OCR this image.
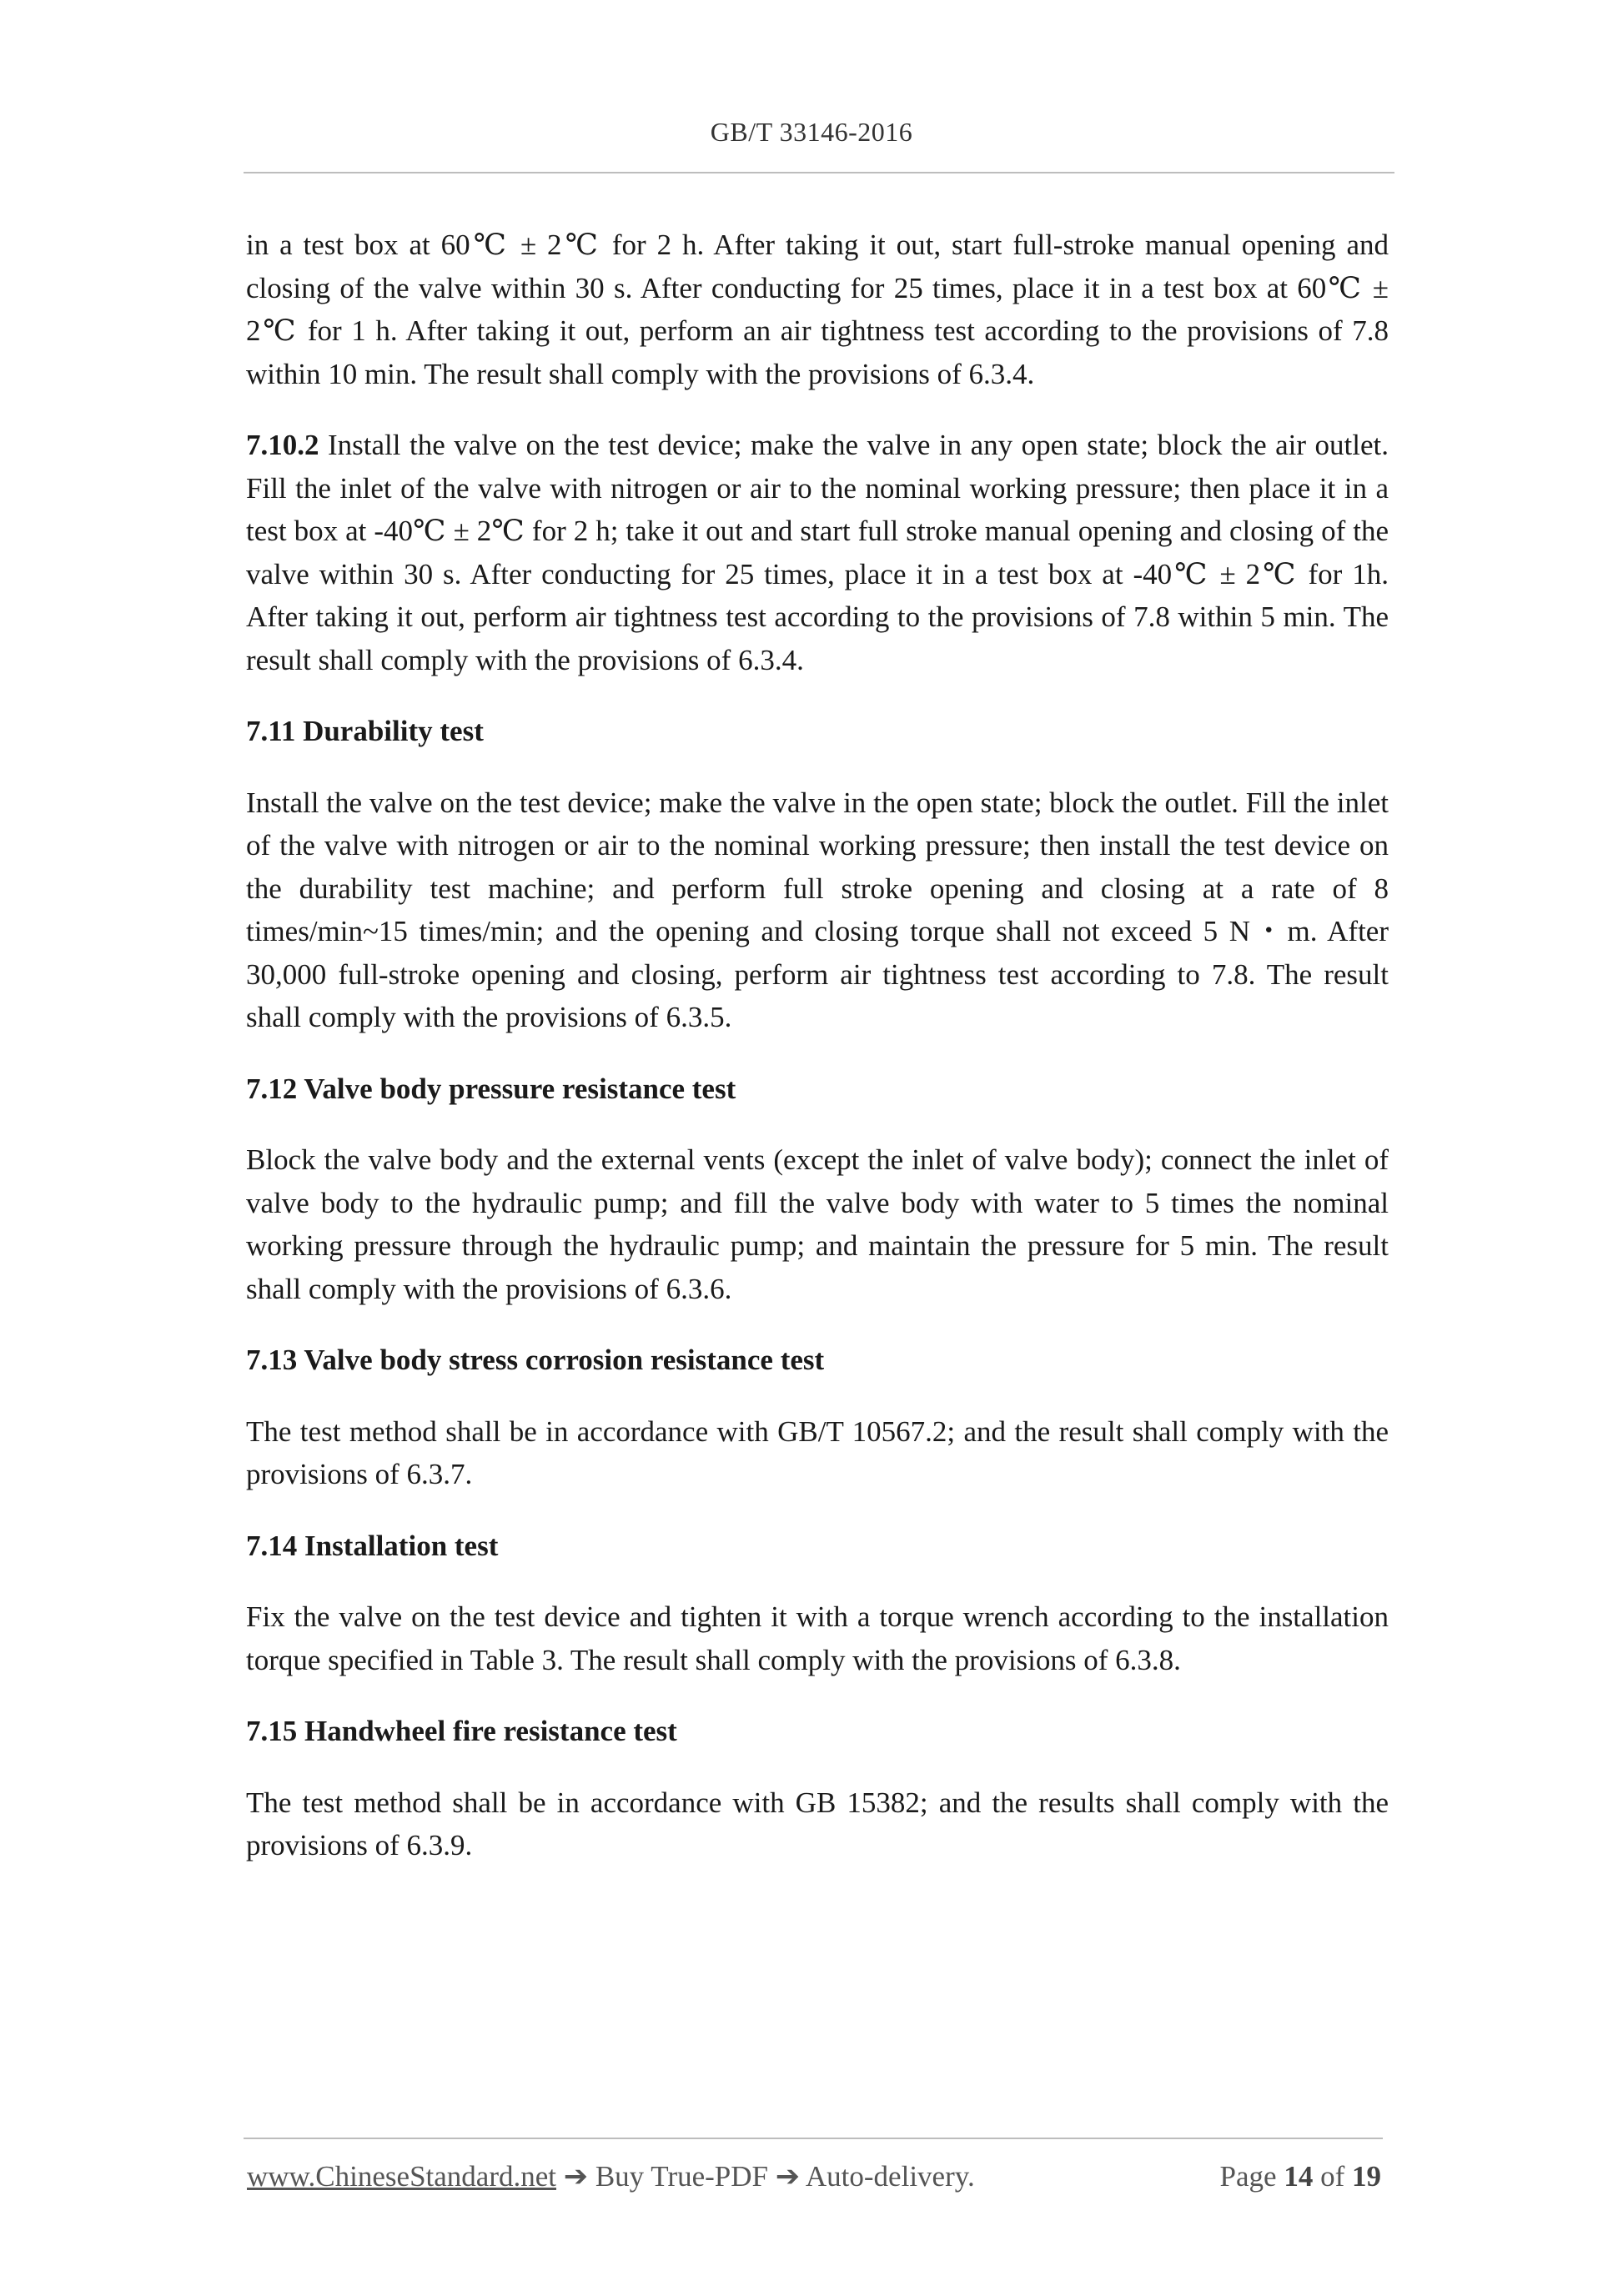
GB/T 33146-2016

in a test box at 60℃ ± 2℃ for 2 h. After taking it out, start full-stroke manual opening and closing of the valve within 30 s. After conducting for 25 times, place it in a test box at 60℃ ± 2℃ for 1 h. After taking it out, perform an air tightness test according to the provisions of 7.8 within 10 min. The result shall comply with the provisions of 6.3.4.

7.10.2 Install the valve on the test device; make the valve in any open state; block the air outlet. Fill the inlet of the valve with nitrogen or air to the nominal working pressure; then place it in a test box at -40℃ ± 2℃ for 2 h; take it out and start full stroke manual opening and closing of the valve within 30 s. After conducting for 25 times, place it in a test box at -40℃ ± 2℃ for 1h. After taking it out, perform air tightness test according to the provisions of 7.8 within 5 min. The result shall comply with the provisions of 6.3.4.

7.11 Durability test

Install the valve on the test device; make the valve in the open state; block the outlet. Fill the inlet of the valve with nitrogen or air to the nominal working pressure; then install the test device on the durability test machine; and perform full stroke opening and closing at a rate of 8 times/min~15 times/min; and the opening and closing torque shall not exceed 5 N・m. After 30,000 full-stroke opening and closing, perform air tightness test according to 7.8. The result shall comply with the provisions of 6.3.5.

7.12 Valve body pressure resistance test

Block the valve body and the external vents (except the inlet of valve body); connect the inlet of valve body to the hydraulic pump; and fill the valve body with water to 5 times the nominal working pressure through the hydraulic pump; and maintain the pressure for 5 min. The result shall comply with the provisions of 6.3.6.

7.13 Valve body stress corrosion resistance test

The test method shall be in accordance with GB/T 10567.2; and the result shall comply with the provisions of 6.3.7.

7.14 Installation test

Fix the valve on the test device and tighten it with a torque wrench according to the installation torque specified in Table 3. The result shall comply with the provisions of 6.3.8.

7.15 Handwheel fire resistance test

The test method shall be in accordance with GB 15382; and the results shall comply with the provisions of 6.3.9.

www.ChineseStandard.net ➔ Buy True-PDF ➔ Auto-delivery.	Page 14 of 19
